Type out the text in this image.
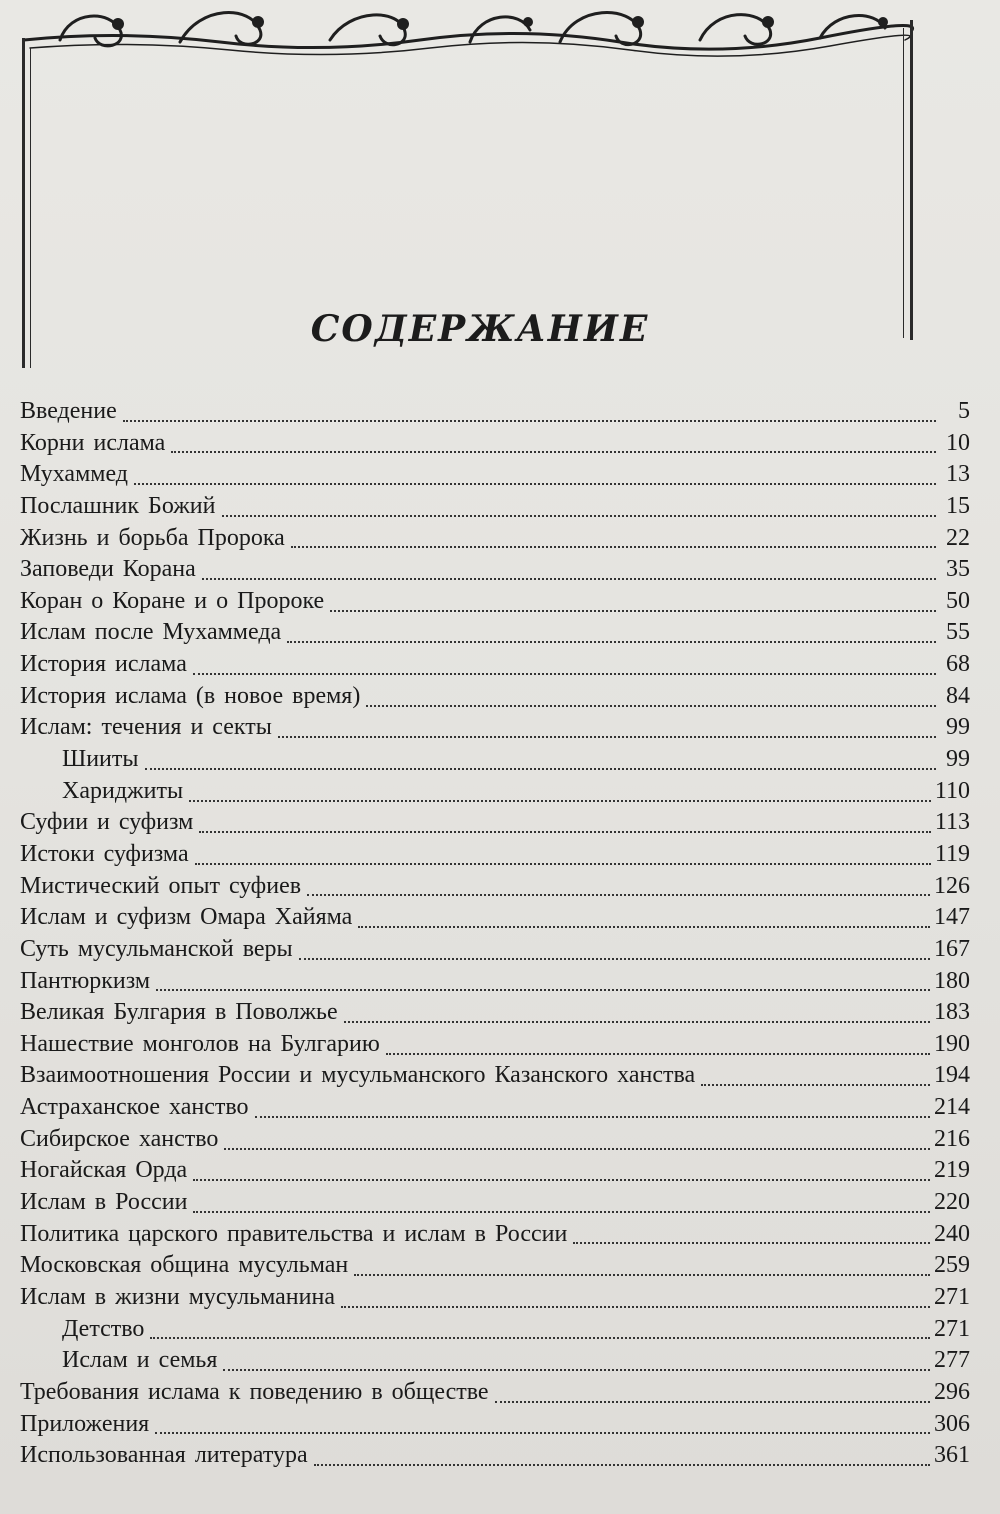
СОДЕРЖАНИЕ
Введение	5
Корни ислама	10
Мухаммед	13
Послашник Божий	15
Жизнь и борьба Пророка	22
Заповеди Корана	35
Коран о Коране и о Пророке	50
Ислам после Мухаммеда	55
История ислама	68
История ислама (в новое время)	84
Ислам: течения и секты	99
Шииты	99
Хариджиты	110
Суфии и суфизм	113
Истоки суфизма	119
Мистический опыт суфиев	126
Ислам и суфизм Омара Хайяма	147
Суть мусульманской веры	167
Пантюркизм	180
Великая Булгария в Поволжье	183
Нашествие монголов на Булгарию	190
Взаимоотношения России и мусульманского Казанского ханства	194
Астраханское ханство	214
Сибирское ханство	216
Ногайская Орда	219
Ислам в России	220
Политика царского правительства и ислам в России	240
Московская община мусульман	259
Ислам в жизни мусульманина	271
Детство	271
Ислам и семья	277
Требования ислама к поведению в обществе	296
Приложения	306
Использованная литература	361
